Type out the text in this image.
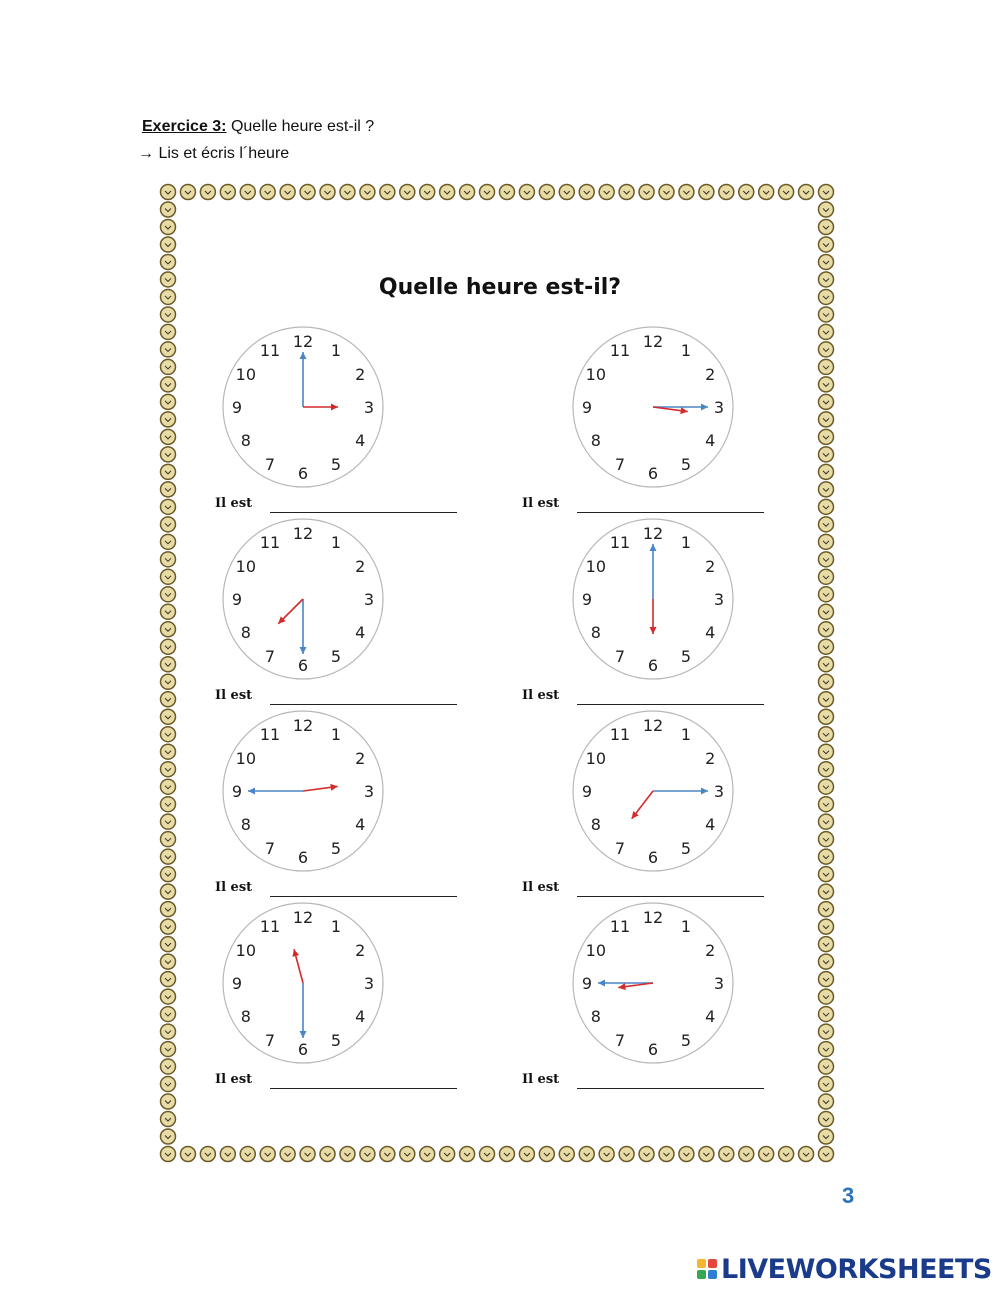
Exercice 3: Quelle heure est-il ?
→ Lis et écris l´heure
Quelle heure est-il?
12 1
2
3
4
5
6
7
8
9
10
11
Il est
12 1
2
3
4
5
6
7
8
9
10
11
Il est
12 1
2
3
4
5
6
7
8
9
10
11
Il est
12 1
2
3
4
5
6
7
8
9
10
11
Il est
12 1
2
3
4
5
6
7
8
9
10
11
Il est
12 1
2
3
4
5
6
7
8
9
10
11
Il est
12 1
2
3
4
5
6
7
8
9
10
11
Il est
12 1
2
3
4
5
6
7
8
9
10
11
Il est
3
LIVEWORKSHEETS
